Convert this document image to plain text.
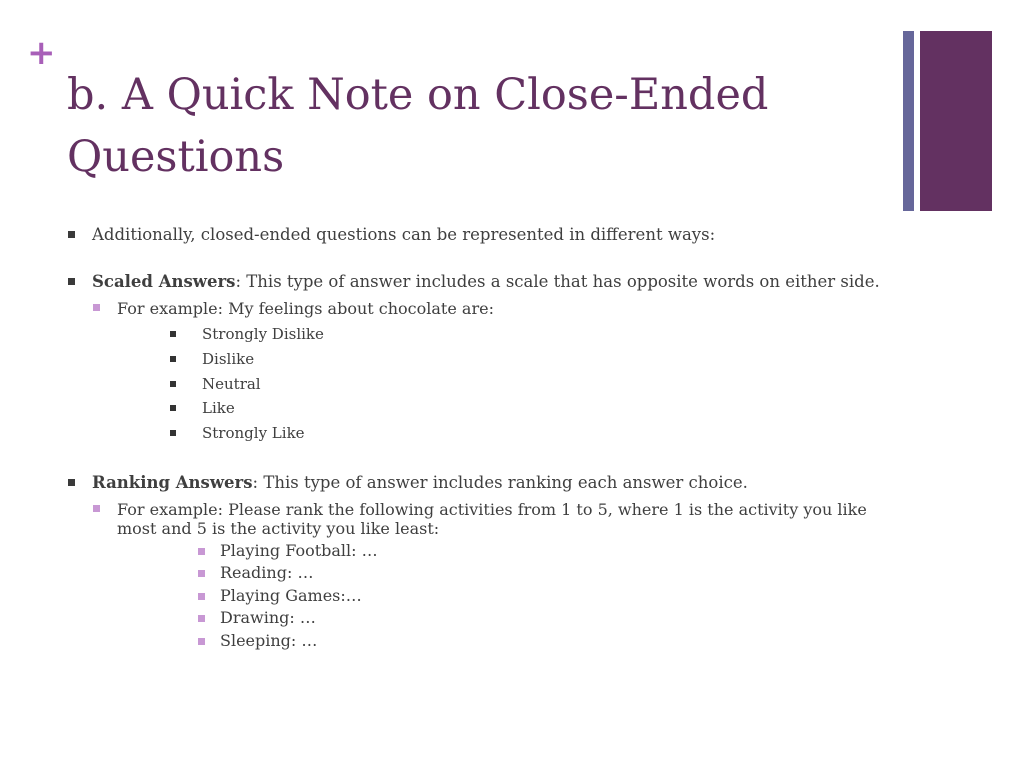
+
b. A Quick Note on Close-Ended
Questions
Additionally, closed-ended questions can be represented in different ways:
Scaled Answers: This type of answer includes a scale that has opposite words on either side.
For example: My feelings about chocolate are:
Strongly Dislike
Dislike
Neutral
Like
Strongly Like
Ranking Answers: This type of answer includes ranking each answer choice.
For example: Please rank the following activities from 1 to 5, where 1 is the activity you like most and 5 is the activity you like least:
Playing Football: …
Reading: …
Playing Games:…
Drawing: …
Sleeping: …
